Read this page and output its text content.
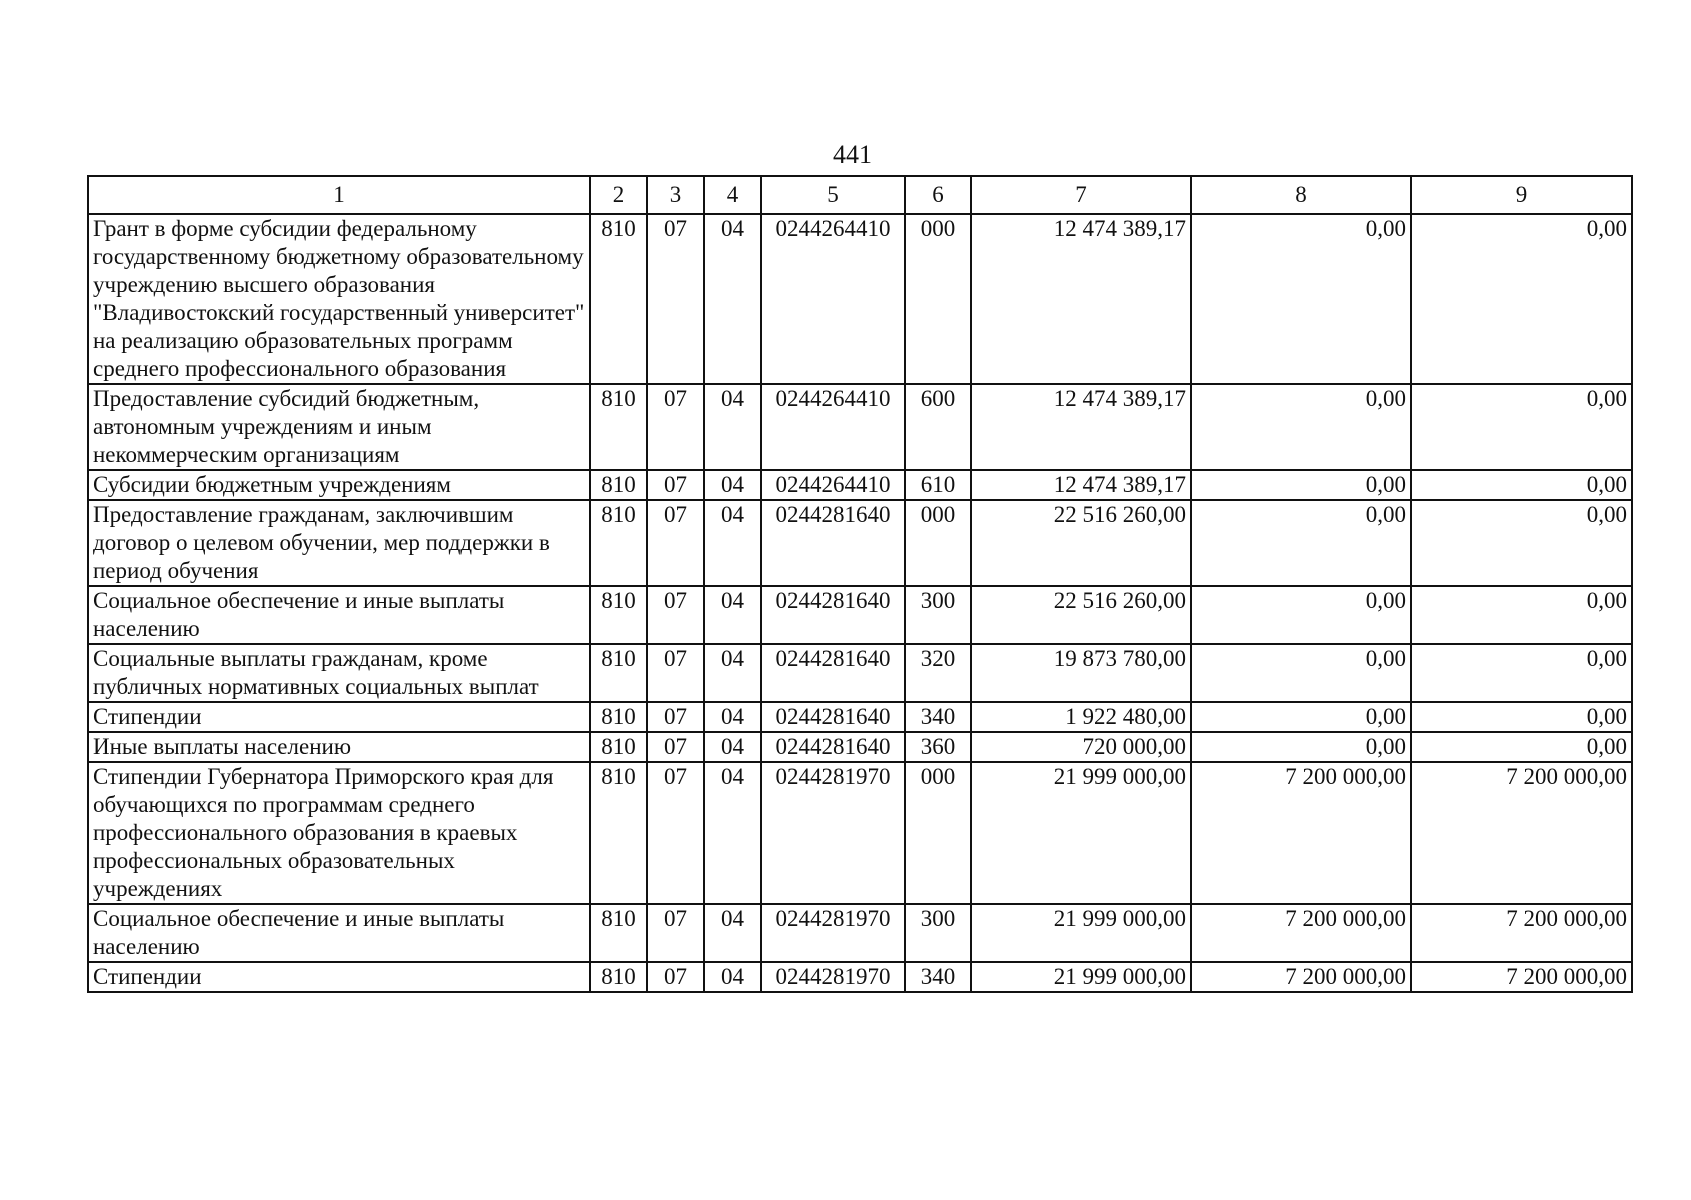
441
1	2	3	4	5	6	7	8	9
Грант в форме субсидии федеральному государственному бюджетному образовательному учреждению высшего образования "Владивостокский государственный университет" на реализацию образовательных программ среднего профессионального образования	810	07	04	0244264410	000	12 474 389,17	0,00	0,00
Предоставление субсидий бюджетным, автономным учреждениям и иным некоммерческим организациям	810	07	04	0244264410	600	12 474 389,17	0,00	0,00
Субсидии бюджетным учреждениям	810	07	04	0244264410	610	12 474 389,17	0,00	0,00
Предоставление гражданам, заключившим договор о целевом обучении, мер поддержки в период обучения	810	07	04	0244281640	000	22 516 260,00	0,00	0,00
Социальное обеспечение и иные выплаты населению	810	07	04	0244281640	300	22 516 260,00	0,00	0,00
Социальные выплаты гражданам, кроме публичных нормативных социальных выплат	810	07	04	0244281640	320	19 873 780,00	0,00	0,00
Стипендии	810	07	04	0244281640	340	1 922 480,00	0,00	0,00
Иные выплаты населению	810	07	04	0244281640	360	720 000,00	0,00	0,00
Стипендии Губернатора Приморского края для обучающихся по программам среднего профессионального образования в краевых профессиональных образовательных учреждениях	810	07	04	0244281970	000	21 999 000,00	7 200 000,00	7 200 000,00
Социальное обеспечение и иные выплаты населению	810	07	04	0244281970	300	21 999 000,00	7 200 000,00	7 200 000,00
Стипендии	810	07	04	0244281970	340	21 999 000,00	7 200 000,00	7 200 000,00
